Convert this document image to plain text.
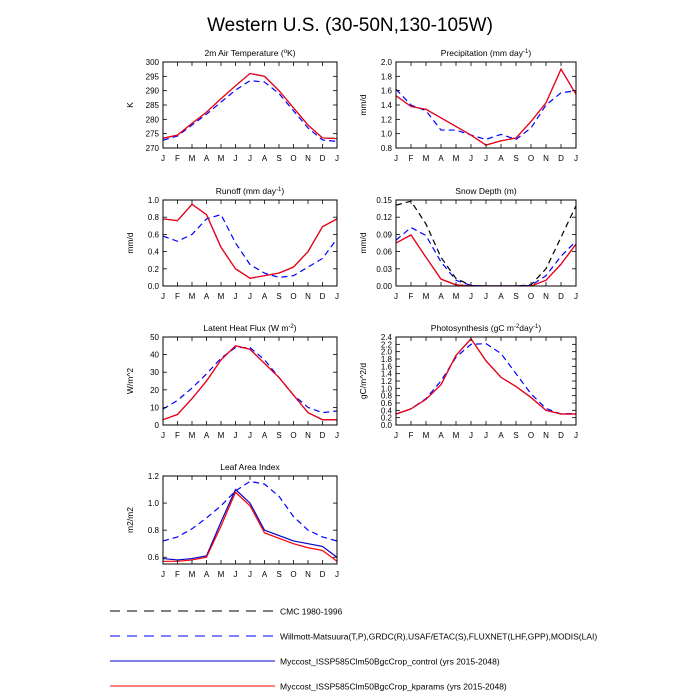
Western U.S. (30-50N,130-105W)
2m Air Temperature ($^o$K)
J F M A M J J A S O N D J
270
275
280
285
290
295
300
K
Precipitation (mm day$^{-1}$)
J F M A M J J A S O N D J
0.8
1.0
1.2
1.4
1.6
1.8
2.0
mm/d
Runoff (mm day$^{-1}$)
J F M A M J J A S O N D J
0.0
0.2
0.4
0.6
0.8
1.0
mm/d
Snow Depth (m)
J F M A M J J A S O N D J
0.00
0.03
0.06
0.09
0.12
0.15
mm/d
Latent Heat Flux (W $m^{-2}$)
J F M A M J J A S O N D J
0
10
20
30
40
50
W/m^2
Photosynthesis (gC $m^{-2}day^{-1}$)
J F M A M J J A S O N D J
0.0
0.2
0.4
0.6
0.8
1.0
1.2
1.4
1.6
1.8
2.0
2.2
2.4
gC/m^2/d
Leaf Area Index
J F M A M J J A S O N D J
0.6
0.8
1.0
1.2
m2/m2
CMC 1980-1996
Willmott-Matsuura(T,P),GRDC(R),USAF/ETAC(S),FLUXNET(LHF,GPP),MODIS(LAI)
Myccost_ISSP585Clm50BgcCrop_control (yrs 2015-2048)
Myccost_ISSP585Clm50BgcCrop_kparams (yrs 2015-2048)
